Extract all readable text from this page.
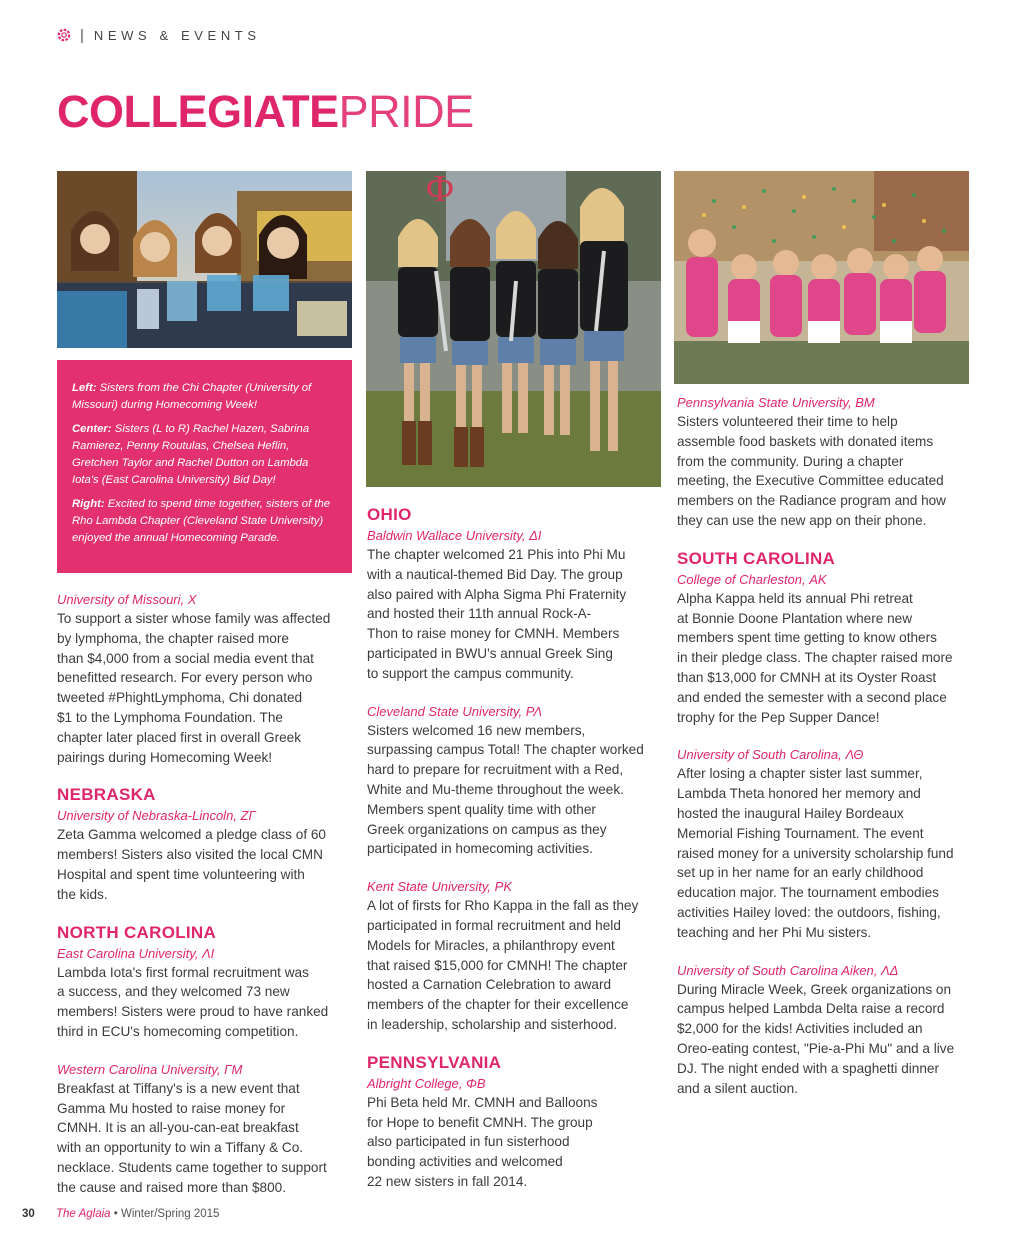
| NEWS & EVENTS
COLLEGIATEPRIDE
Φ

Left: Sisters from the Chi Chapter (University of Missouri) during Homecoming Week!

Center: Sisters (L to R) Rachel Hazen, Sabrina Ramierez, Penny Routulas, Chelsea Heflin, Gretchen Taylor and Rachel Dutton on Lambda Iota's (East Carolina University) Bid Day!

Right: Excited to spend time together, sisters of the Rho Lambda Chapter (Cleveland State University) enjoyed the annual Homecoming Parade.

University of Missouri, Χ
To support a sister whose family was affected
by lymphoma, the chapter raised more
than $4,000 from a social media event that
benefitted research. For every person who
tweeted #PhightLymphoma, Chi donated
$1 to the Lymphoma Foundation. The
chapter later placed first in overall Greek
pairings during Homecoming Week!
NEBRASKA
University of Nebraska-Lincoln, ΖΓ
Zeta Gamma welcomed a pledge class of 60
members! Sisters also visited the local CMN
Hospital and spent time volunteering with
the kids.
NORTH CAROLINA
East Carolina University, ΛΙ
Lambda Iota's first formal recruitment was
a success, and they welcomed 73 new
members! Sisters were proud to have ranked
third in ECU's homecoming competition.
Western Carolina University, ΓΜ
Breakfast at Tiffany's is a new event that
Gamma Mu hosted to raise money for
CMNH. It is an all-you-can-eat breakfast
with an opportunity to win a Tiffany & Co.
necklace. Students came together to support
the cause and raised more than $800.
OHIO
Baldwin Wallace University, ΔΙ
The chapter welcomed 21 Phis into Phi Mu
with a nautical-themed Bid Day. The group
also paired with Alpha Sigma Phi Fraternity
and hosted their 11th annual Rock-A-
Thon to raise money for CMNH. Members
participated in BWU's annual Greek Sing
to support the campus community.
Cleveland State University, ΡΛ
Sisters welcomed 16 new members,
surpassing campus Total! The chapter worked
hard to prepare for recruitment with a Red,
White and Mu-theme throughout the week.
Members spent quality time with other
Greek organizations on campus as they
participated in homecoming activities.
Kent State University, ΡΚ
A lot of firsts for Rho Kappa in the fall as they
participated in formal recruitment and held
Models for Miracles, a philanthropy event
that raised $15,000 for CMNH! The chapter
hosted a Carnation Celebration to award
members of the chapter for their excellence
in leadership, scholarship and sisterhood.
PENNSYLVANIA
Albright College, ΦΒ
Phi Beta held Mr. CMNH and Balloons
for Hope to benefit CMNH. The group
also participated in fun sisterhood
bonding activities and welcomed
22 new sisters in fall 2014.
Pennsylvania State University, ΒΜ
Sisters volunteered their time to help
assemble food baskets with donated items
from the community. During a chapter
meeting, the Executive Committee educated
members on the Radiance program and how
they can use the new app on their phone.
SOUTH CAROLINA
College of Charleston, ΑΚ
Alpha Kappa held its annual Phi retreat
at Bonnie Doone Plantation where new
members spent time getting to know others
in their pledge class. The chapter raised more
than $13,000 for CMNH at its Oyster Roast
and ended the semester with a second place
trophy for the Pep Supper Dance!
University of South Carolina, ΛΘ
After losing a chapter sister last summer,
Lambda Theta honored her memory and
hosted the inaugural Hailey Bordeaux
Memorial Fishing Tournament. The event
raised money for a university scholarship fund
set up in her name for an early childhood
education major. The tournament embodies
activities Hailey loved: the outdoors, fishing,
teaching and her Phi Mu sisters.
University of South Carolina Aiken, ΛΔ
During Miracle Week, Greek organizations on
campus helped Lambda Delta raise a record
$2,000 for the kids! Activities included an
Oreo-eating contest, "Pie-a-Phi Mu" and a live
DJ. The night ended with a spaghetti dinner
and a silent auction.
30 The Aglaia • Winter/Spring 2015
